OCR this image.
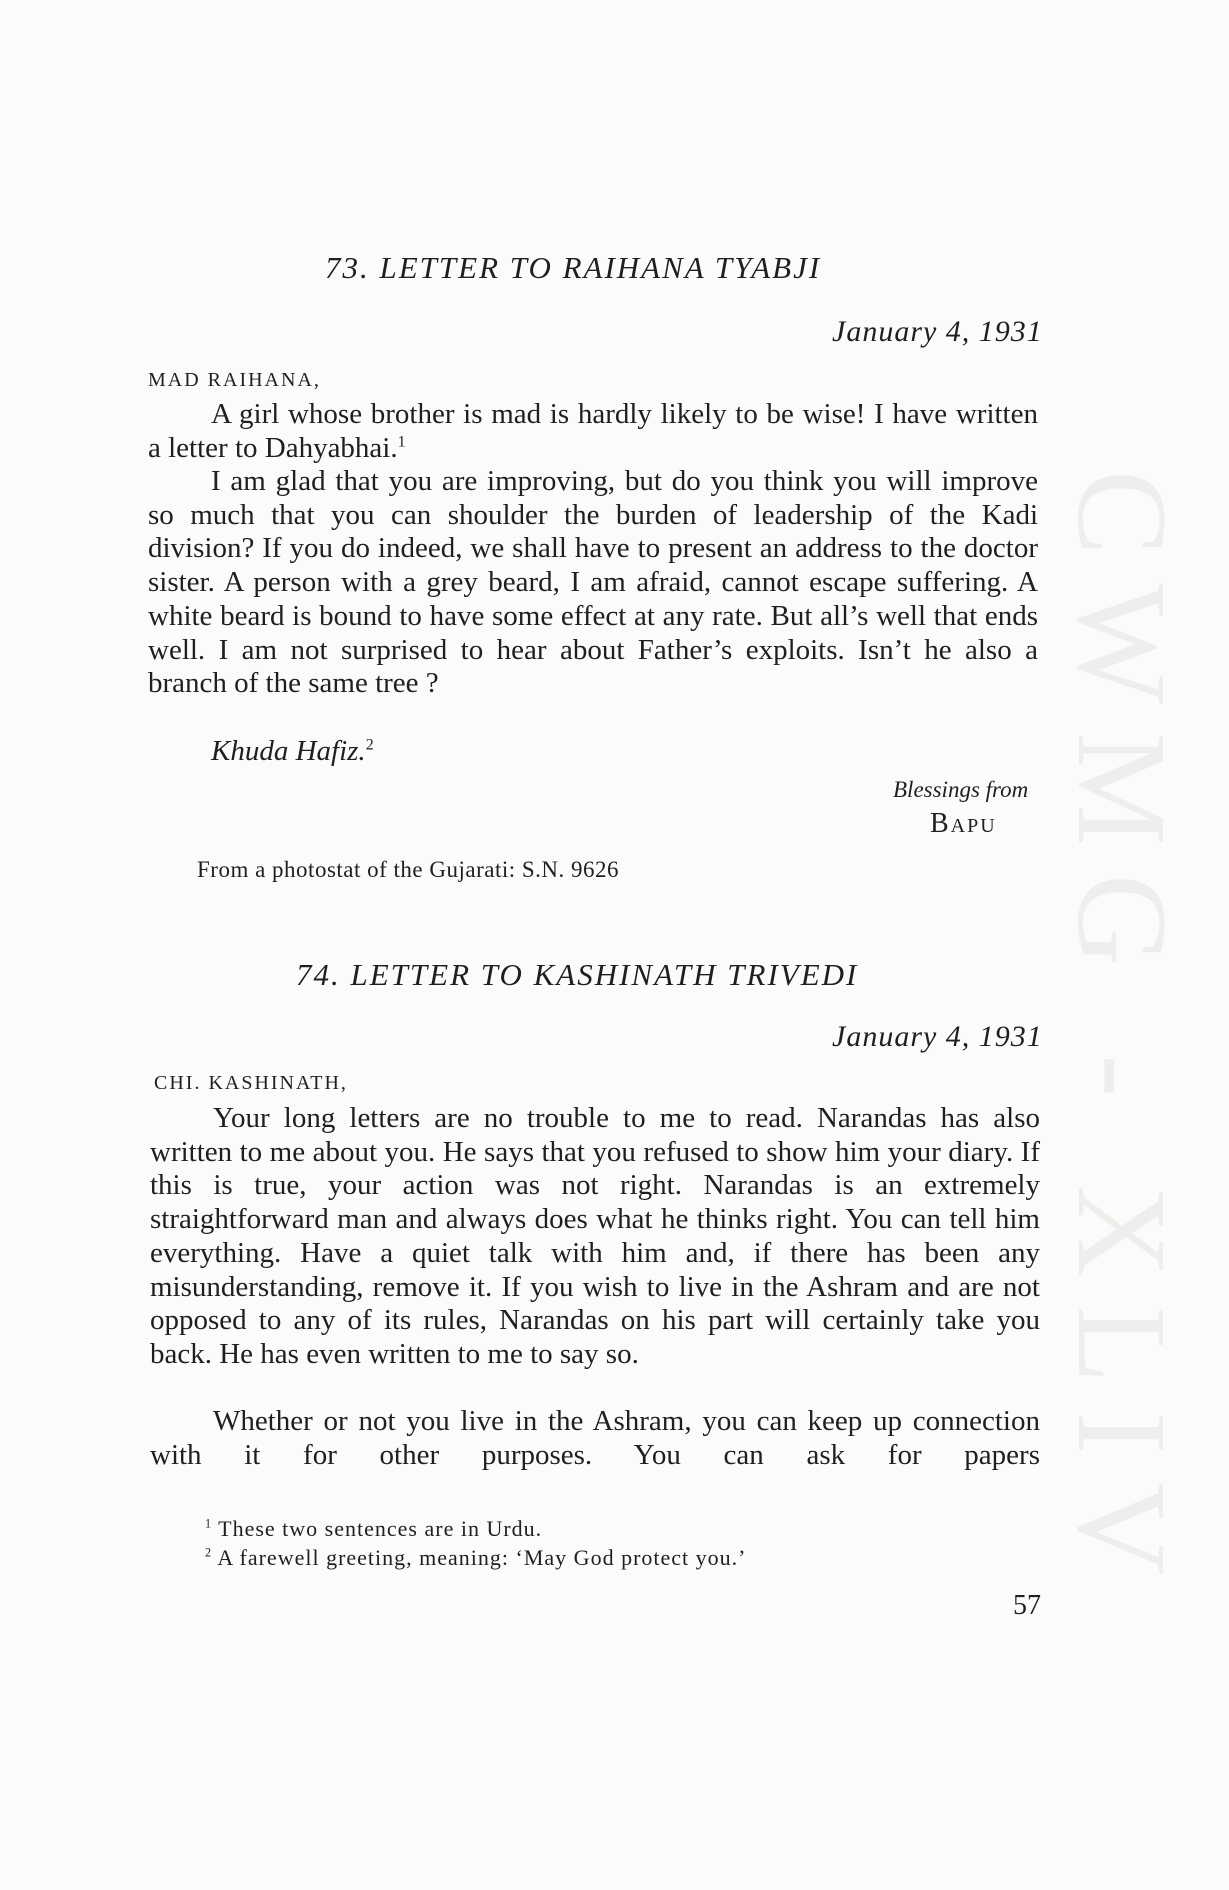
CWMG - XLIV
73. LETTER TO RAIHANA TYABJI
January 4, 1931
MAD RAIHANA,

A girl whose brother is mad is hardly likely to be wise! I have written a letter to Dahyabhai.$^1$

I am glad that you are improving, but do you think you will improve so much that you can shoulder the burden of leadership of the Kadi division? If you do indeed, we shall have to present an address to the doctor sister. A person with a grey beard, I am afraid, cannot escape suffering. A white beard is bound to have some effect at any rate. But all’s well that ends well. I am not surprised to hear about Father’s exploits. Isn’t he also a branch of the same tree ?

Khuda Hafiz.$^2$
Blessings from
Bapu
From a photostat of the Gujarati: S.N. 9626
74. LETTER TO KASHINATH TRIVEDI
January 4, 1931
CHI. KASHINATH,

Your long letters are no trouble to me to read. Narandas has also written to me about you. He says that you refused to show him your diary. If this is true, your action was not right. Narandas is an extremely straightforward man and always does what he thinks right. You can tell him everything. Have a quiet talk with him and, if there has been any misunderstanding, remove it. If you wish to live in the Ashram and are not opposed to any of its rules, Narandas on his part will certainly take you back. He has even written to me to say so.

Whether or not you live in the Ashram, you can keep up connection with it for other purposes. You can ask for papers

$^1$ These two sentences are in Urdu.
$^2$ A farewell greeting, meaning: ‘May God protect you.’
57
